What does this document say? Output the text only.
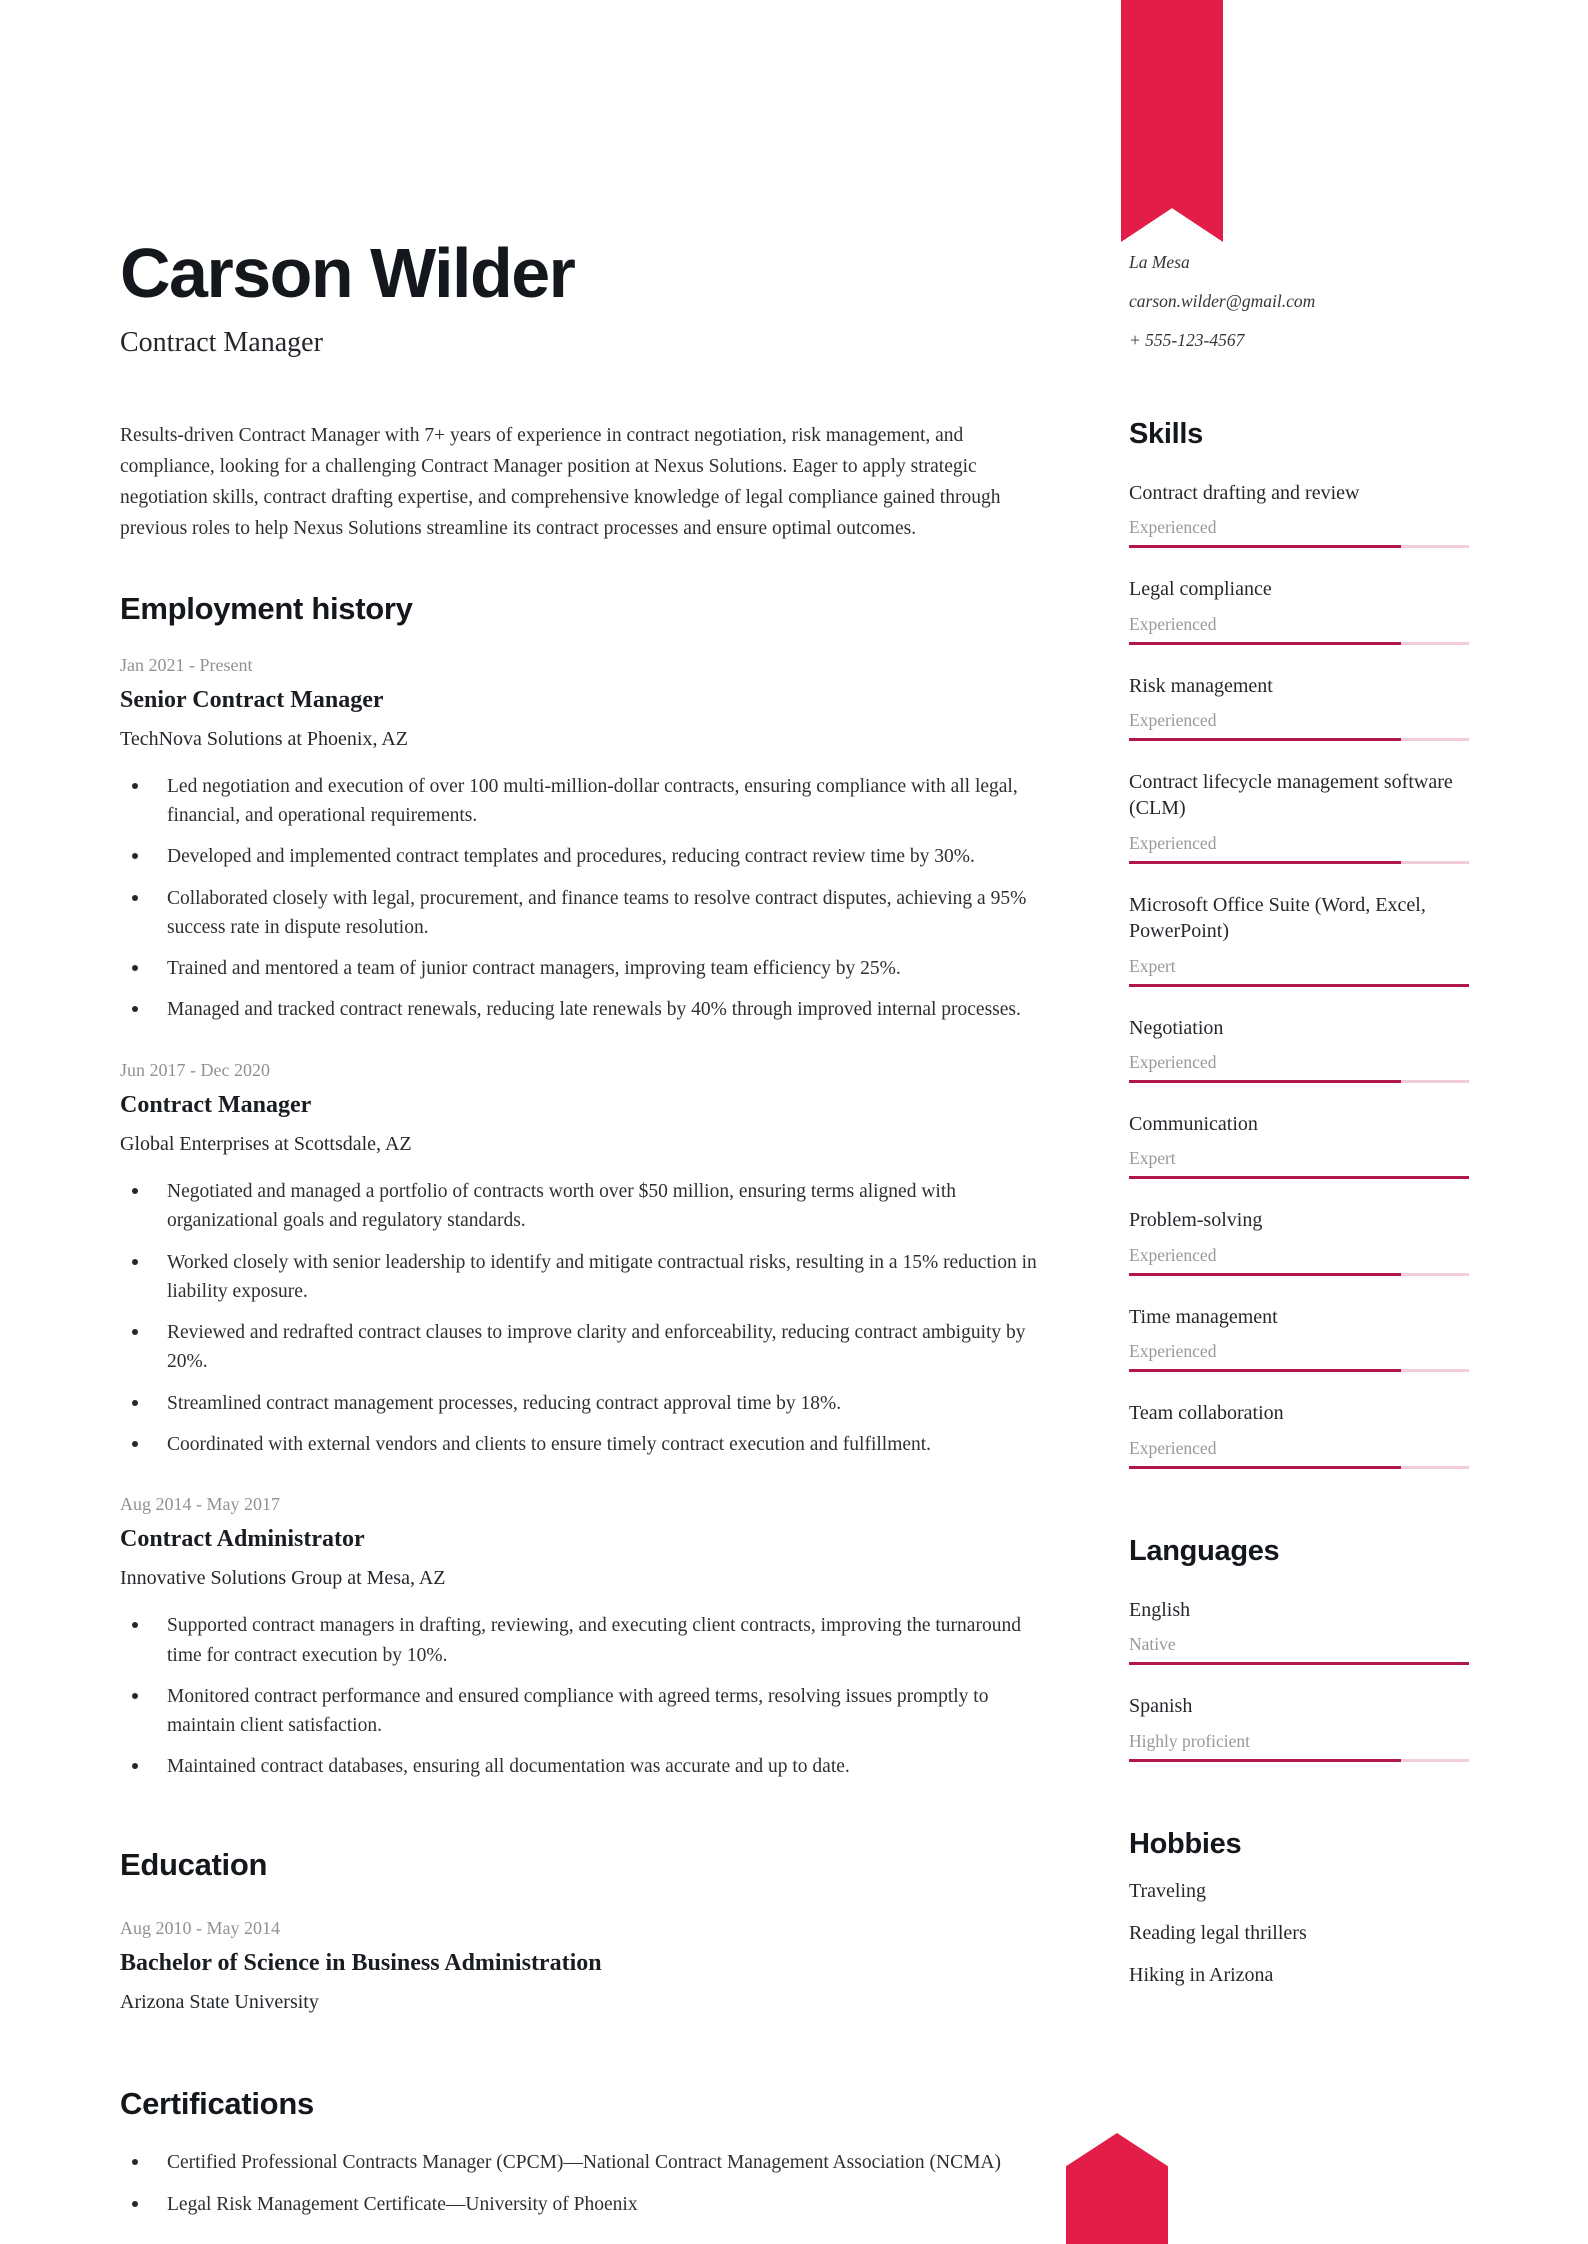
Carson Wilder
Contract Manager

Results-driven Contract Manager with 7+ years of experience in contract negotiation, risk management, and compliance, looking for a challenging Contract Manager position at Nexus Solutions. Eager to apply strategic negotiation skills, contract drafting expertise, and comprehensive knowledge of legal compliance gained through previous roles to help Nexus Solutions streamline its contract processes and ensure optimal outcomes.

Employment history
Jan 2021 - Present
Senior Contract Manager
TechNova Solutions at Phoenix, AZ
Led negotiation and execution of over 100 multi-million-dollar contracts, ensuring compliance with all legal, financial, and operational requirements.
Developed and implemented contract templates and procedures, reducing contract review time by 30%.
Collaborated closely with legal, procurement, and finance teams to resolve contract disputes, achieving a 95% success rate in dispute resolution.
Trained and mentored a team of junior contract managers, improving team efficiency by 25%.
Managed and tracked contract renewals, reducing late renewals by 40% through improved internal processes.
Jun 2017 - Dec 2020
Contract Manager
Global Enterprises at Scottsdale, AZ
Negotiated and managed a portfolio of contracts worth over $50 million, ensuring terms aligned with organizational goals and regulatory standards.
Worked closely with senior leadership to identify and mitigate contractual risks, resulting in a 15% reduction in liability exposure.
Reviewed and redrafted contract clauses to improve clarity and enforceability, reducing contract ambiguity by 20%.
Streamlined contract management processes, reducing contract approval time by 18%.
Coordinated with external vendors and clients to ensure timely contract execution and fulfillment.
Aug 2014 - May 2017
Contract Administrator
Innovative Solutions Group at Mesa, AZ
Supported contract managers in drafting, reviewing, and executing client contracts, improving the turnaround time for contract execution by 10%.
Monitored contract performance and ensured compliance with agreed terms, resolving issues promptly to maintain client satisfaction.
Maintained contract databases, ensuring all documentation was accurate and up to date.
Education
Aug 2010 - May 2014
Bachelor of Science in Business Administration
Arizona State University
Certifications
Certified Professional Contracts Manager (CPCM)—National Contract Management Association (NCMA)
Legal Risk Management Certificate—University of Phoenix
La Mesa
carson.wilder@gmail.com
+ 555-123-4567
Skills
Contract drafting and review
Experienced
Legal compliance
Experienced
Risk management
Experienced
Contract lifecycle management software (CLM)
Experienced
Microsoft Office Suite (Word, Excel, PowerPoint)
Expert
Negotiation
Experienced
Communication
Expert
Problem-solving
Experienced
Time management
Experienced
Team collaboration
Experienced
Languages
English
Native
Spanish
Highly proficient
Hobbies
Traveling
Reading legal thrillers
Hiking in Arizona
